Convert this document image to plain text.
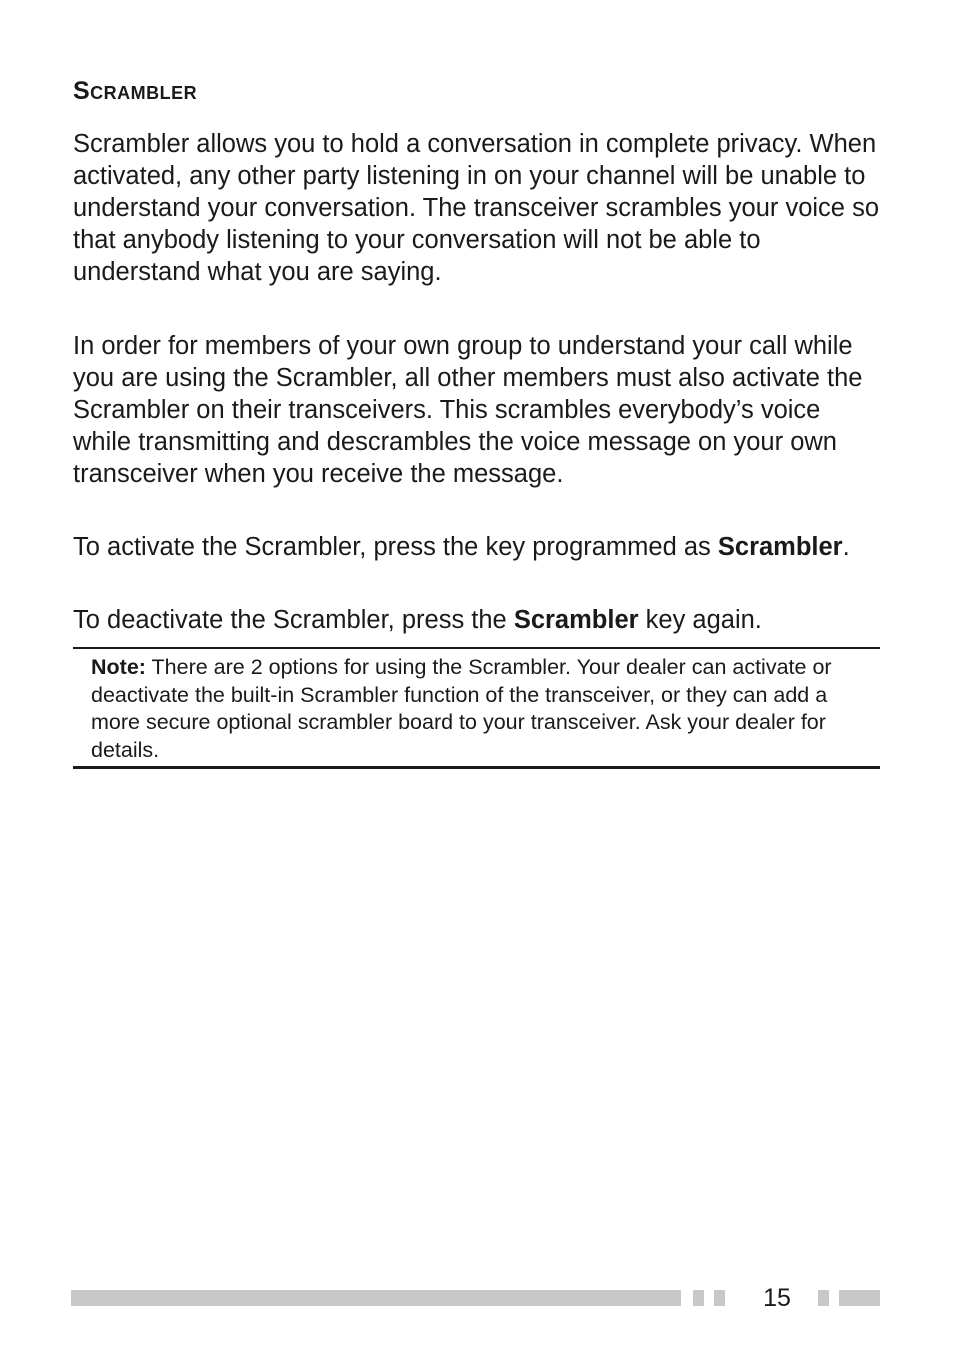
Scrambler

Scrambler allows you to hold a conversation in complete privacy. When activated, any other party listening in on your channel will be unable to understand your conversation. The transceiver scrambles your voice so that anybody listening to your conversation will not be able to understand what you are saying.

In order for members of your own group to understand your call while you are using the Scrambler, all other members must also activate the Scrambler on their transceivers. This scrambles everybody’s voice while transmitting and descrambles the voice message on your own transceiver when you receive the message.

To activate the Scrambler, press the key programmed as Scrambler.

To deactivate the Scrambler, press the Scrambler key again.

Note: There are 2 options for using the Scrambler. Your dealer can activate or deactivate the built-in Scrambler function of the transceiver, or they can add a more secure optional scrambler board to your transceiver. Ask your dealer for details.

15
